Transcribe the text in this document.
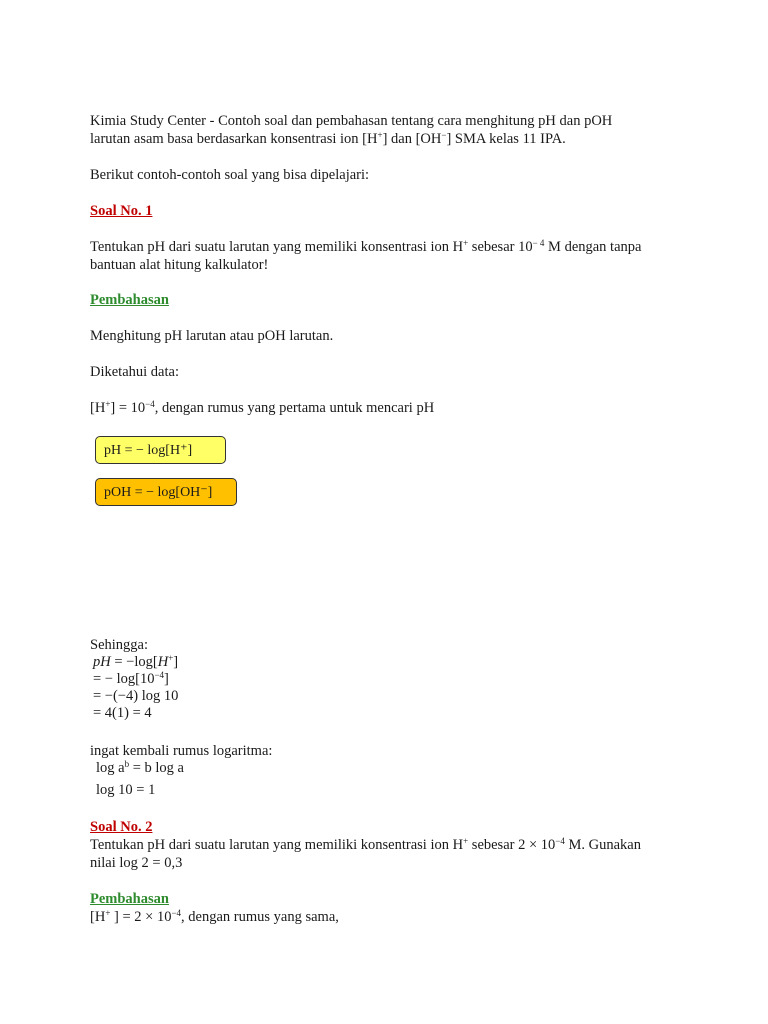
Kimia Study Center - Contoh soal dan pembahasan tentang cara menghitung pH dan pOH
larutan asam basa berdasarkan konsentrasi ion [H+] dan [OH−] SMA kelas 11 IPA.
Berikut contoh-contoh soal yang bisa dipelajari:
Soal No. 1
Tentukan pH dari suatu larutan yang memiliki konsentrasi ion H+ sebesar $10^{- 4}$ M dengan tanpa
bantuan alat hitung kalkulator!
Pembahasan
Menghitung pH larutan atau pOH larutan.
Diketahui data:
$[H^+] = 10^{-4}$, dengan rumus yang pertama untuk mencari pH
pH = − log[H⁺]
pOH = − log[OH⁻]
Sehingga:
pH = −log[H+]
= − $\log[10^{-4}]$
= −(−4) log 10
= 4(1) = 4
ingat kembali rumus logaritma:
$\log a^b = b$ log a
log 10 = 1
Soal No. 2
Tentukan pH dari suatu larutan yang memiliki konsentrasi ion H+ sebesar $2 \times 10^{-4}$ M. Gunakan
nilai log 2 = 0,3
Pembahasan
[H+ ] = $2 \times 10^{-4}$, dengan rumus yang sama,
